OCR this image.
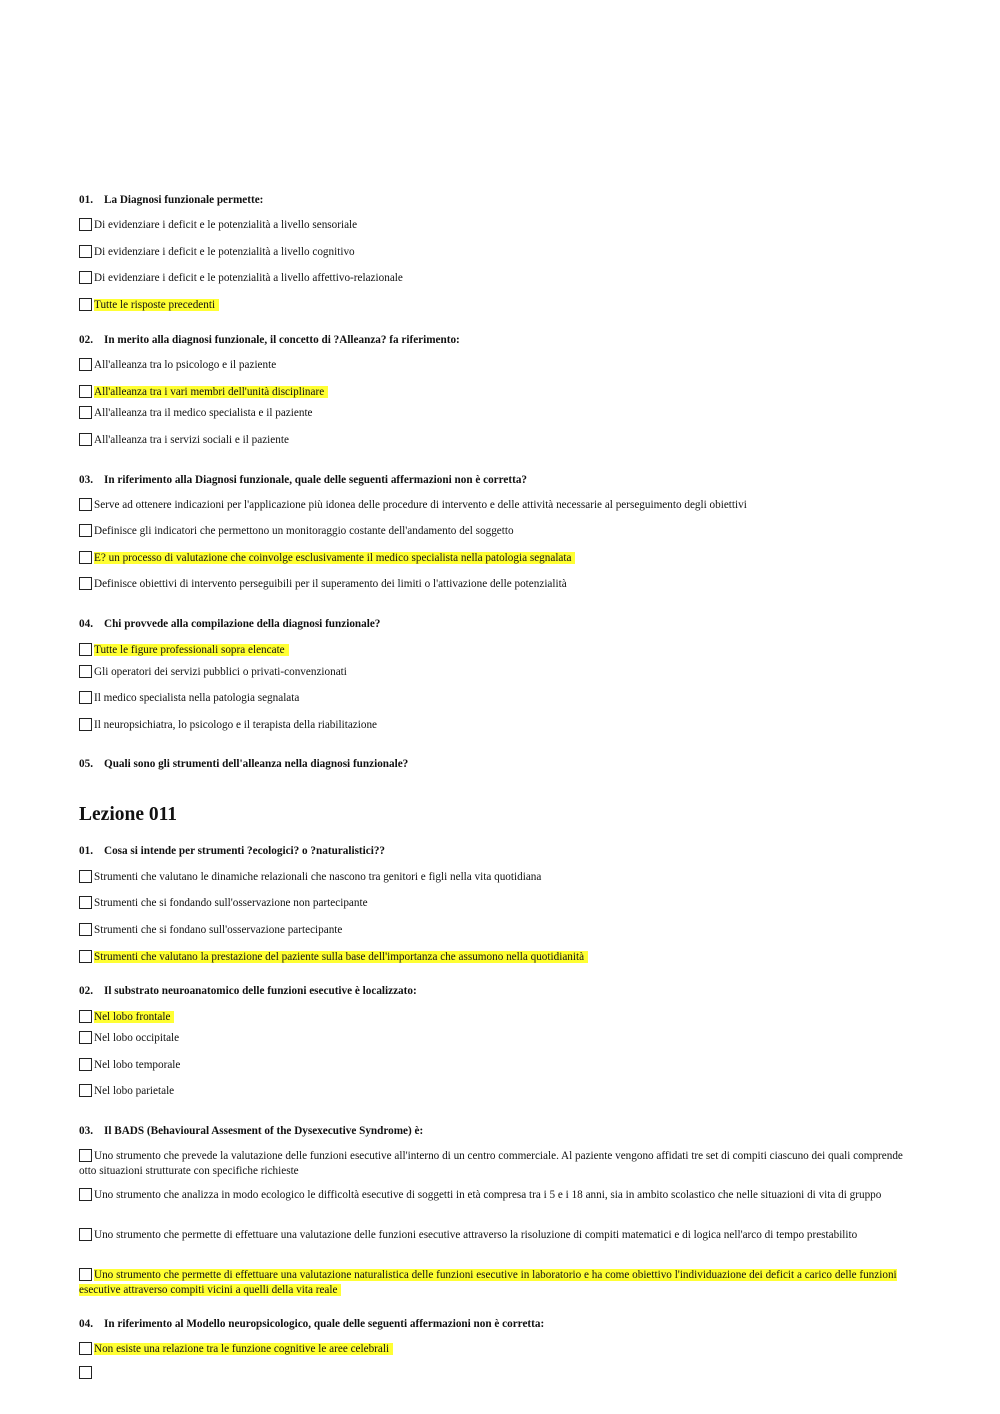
01. La Diagnosi funzionale permette:
Di evidenziare i deficit e le potenzialità a livello sensoriale
Di evidenziare i deficit e le potenzialità a livello cognitivo
Di evidenziare i deficit e le potenzialità a livello affettivo-relazionale
Tutte le risposte precedenti
02. In merito alla diagnosi funzionale, il concetto di ?Alleanza? fa riferimento:
All'alleanza tra lo psicologo e il paziente
All'alleanza tra i vari membri dell'unità disciplinare
All'alleanza tra il medico specialista e il paziente
All'alleanza tra i servizi sociali e il paziente
03. In riferimento alla Diagnosi funzionale, quale delle seguenti affermazioni non è corretta?
Serve ad ottenere indicazioni per l'applicazione più idonea delle procedure di intervento e delle attività necessarie al perseguimento degli obiettivi
Definisce gli indicatori che permettono un monitoraggio costante dell'andamento del soggetto
E? un processo di valutazione che coinvolge esclusivamente il medico specialista nella patologia segnalata
Definisce obiettivi di intervento perseguibili per il superamento dei limiti o l'attivazione delle potenzialità
04. Chi provvede alla compilazione della diagnosi funzionale?
Tutte le figure professionali sopra elencate
Gli operatori dei servizi pubblici o privati-convenzionati
Il medico specialista nella patologia segnalata
Il neuropsichiatra, lo psicologo e il terapista della riabilitazione
05. Quali sono gli strumenti dell'alleanza nella diagnosi funzionale?
Lezione 011
01. Cosa si intende per strumenti ?ecologici? o ?naturalistici??
Strumenti che valutano le dinamiche relazionali che nascono tra genitori e figli nella vita quotidiana
Strumenti che si fondando sull'osservazione non partecipante
Strumenti che si fondano sull'osservazione partecipante
Strumenti che valutano la prestazione del paziente sulla base dell'importanza che assumono nella quotidianità
02. Il substrato neuroanatomico delle funzioni esecutive è localizzato:
Nel lobo frontale
Nel lobo occipitale
Nel lobo temporale
Nel lobo parietale
03. Il BADS (Behavioural Assesment of the Dysexecutive Syndrome) è:
Uno strumento che prevede la valutazione delle funzioni esecutive all'interno di un centro commerciale. Al paziente vengono affidati tre set di compiti ciascuno dei quali comprende otto situazioni strutturate con specifiche richieste
Uno strumento che analizza in modo ecologico le difficoltà esecutive di soggetti in età compresa tra i 5 e i 18 anni, sia in ambito scolastico che nelle situazioni di vita di gruppo
Uno strumento che permette di effettuare una valutazione delle funzioni esecutive attraverso la risoluzione di compiti matematici e di logica nell'arco di tempo prestabilito
Uno strumento che permette di effettuare una valutazione naturalistica delle funzioni esecutive in laboratorio e ha come obiettivo l'individuazione dei deficit a carico delle funzioni esecutive attraverso compiti vicini a quelli della vita reale
04. In riferimento al Modello neuropsicologico, quale delle seguenti affermazioni non è corretta:
Non esiste una relazione tra le funzione cognitive le aree celebrali
